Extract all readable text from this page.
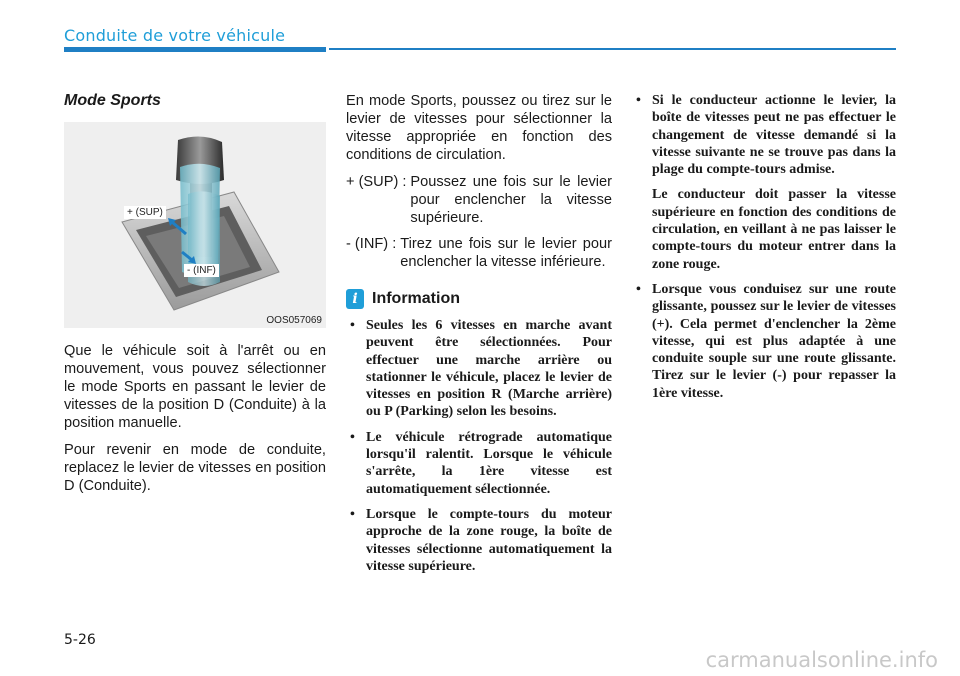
Conduite de votre véhicule
Mode Sports
+ (SUP)
- (INF)
OOS057069

Que le véhicule soit à l'arrêt ou en mouvement, vous pouvez sélectionner le mode Sports en passant le levier de vitesses de la position D (Conduite) à la position manuelle.

Pour revenir en mode de conduite, replacez le levier de vitesses en position D (Conduite).

En mode Sports, poussez ou tirez sur le levier de vitesses pour sélectionner la vitesse appropriée en fonction des conditions de circulation.

+ (SUP) : Poussez une fois sur le levier pour enclencher la vitesse supérieure.
- (INF) : Tirez une fois sur le levier pour enclencher la vitesse inférieure.
i Information
• Seules les 6 vitesses en marche avant peuvent être sélectionnées. Pour effectuer une marche arrière ou stationner le véhicule, placez le levier de vitesses en position R (Marche arrière) ou P (Parking) selon les besoins.
• Le véhicule rétrograde automatique lorsqu'il ralentit. Lorsque le véhicule s'arrête, la 1ère vitesse est automatiquement sélectionnée.
• Lorsque le compte-tours du moteur approche de la zone rouge, la boîte de vitesses sélectionne automatiquement la vitesse supérieure.
• Si le conducteur actionne le levier, la boîte de vitesses peut ne pas effectuer le changement de vitesse demandé si la vitesse suivante ne se trouve pas dans la plage du compte-tours admise.

Le conducteur doit passer la vitesse supérieure en fonction des conditions de circulation, en veillant à ne pas laisser le compte-tours du moteur entrer dans la zone rouge.

• Lorsque vous conduisez sur une route glissante, poussez sur le levier de vitesses (+). Cela permet d'enclencher la 2ème vitesse, qui est plus adaptée à une conduite souple sur une route glissante. Tirez sur le levier (-) pour repasser la 1ère vitesse.
5-26
carmanualsonline.info
